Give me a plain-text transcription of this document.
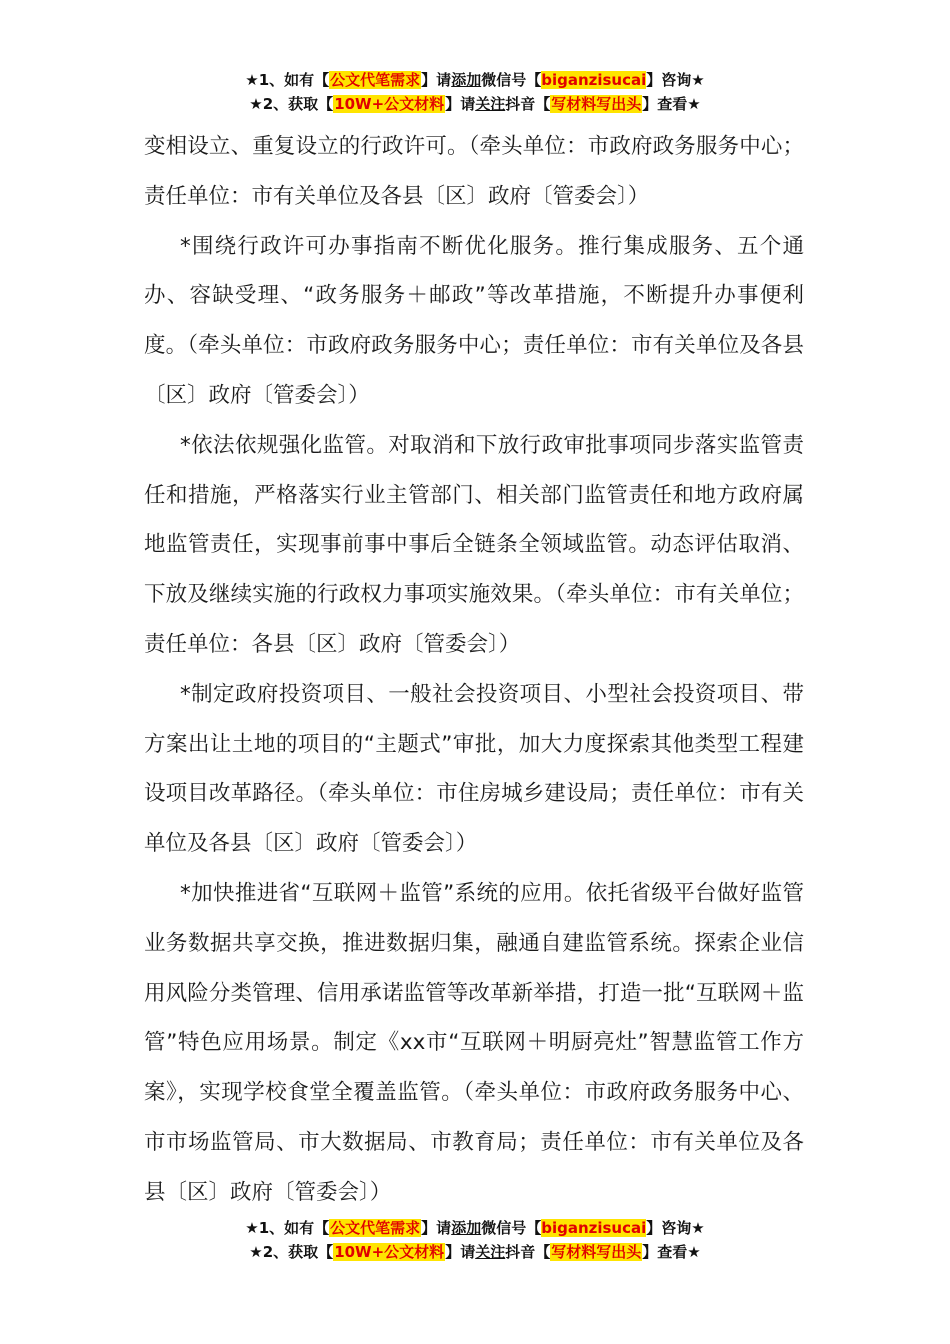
★1、如有【公文代笔需求】请添加微信号【biganzisucai】咨询★
★2、获取【10W+公文材料】请关注抖音【写材料写出头】查看★

变相设立、重复设立的行政许可。（牵头单位：市政府政务服务中心；责任单位：市有关单位及各县〔区〕政府〔管委会〕）

*围绕行政许可办事指南不断优化服务。推行集成服务、五个通办、容缺受理、“政务服务＋邮政”等改革措施，不断提升办事便利度。（牵头单位：市政府政务服务中心；责任单位：市有关单位及各县〔区〕政府〔管委会〕）

*依法依规强化监管。对取消和下放行政审批事项同步落实监管责任和措施，严格落实行业主管部门、相关部门监管责任和地方政府属地监管责任，实现事前事中事后全链条全领域监管。动态评估取消、下放及继续实施的行政权力事项实施效果。（牵头单位：市有关单位；责任单位：各县〔区〕政府〔管委会〕）

*制定政府投资项目、一般社会投资项目、小型社会投资项目、带方案出让土地的项目的“主题式”审批，加大力度探索其他类型工程建设项目改革路径。（牵头单位：市住房城乡建设局；责任单位：市有关单位及各县〔区〕政府〔管委会〕）

*加快推进省“互联网＋监管”系统的应用。依托省级平台做好监管业务数据共享交换，推进数据归集，融通自建监管系统。探索企业信用风险分类管理、信用承诺监管等改革新举措，打造一批“互联网＋监管”特色应用场景。制定《xx市“互联网＋明厨亮灶”智慧监管工作方案》，实现学校食堂全覆盖监管。（牵头单位：市政府政务服务中心、市市场监管局、市大数据局、市教育局；责任单位：市有关单位及各县〔区〕政府〔管委会〕）

★1、如有【公文代笔需求】请添加微信号【biganzisucai】咨询★
★2、获取【10W+公文材料】请关注抖音【写材料写出头】查看★
